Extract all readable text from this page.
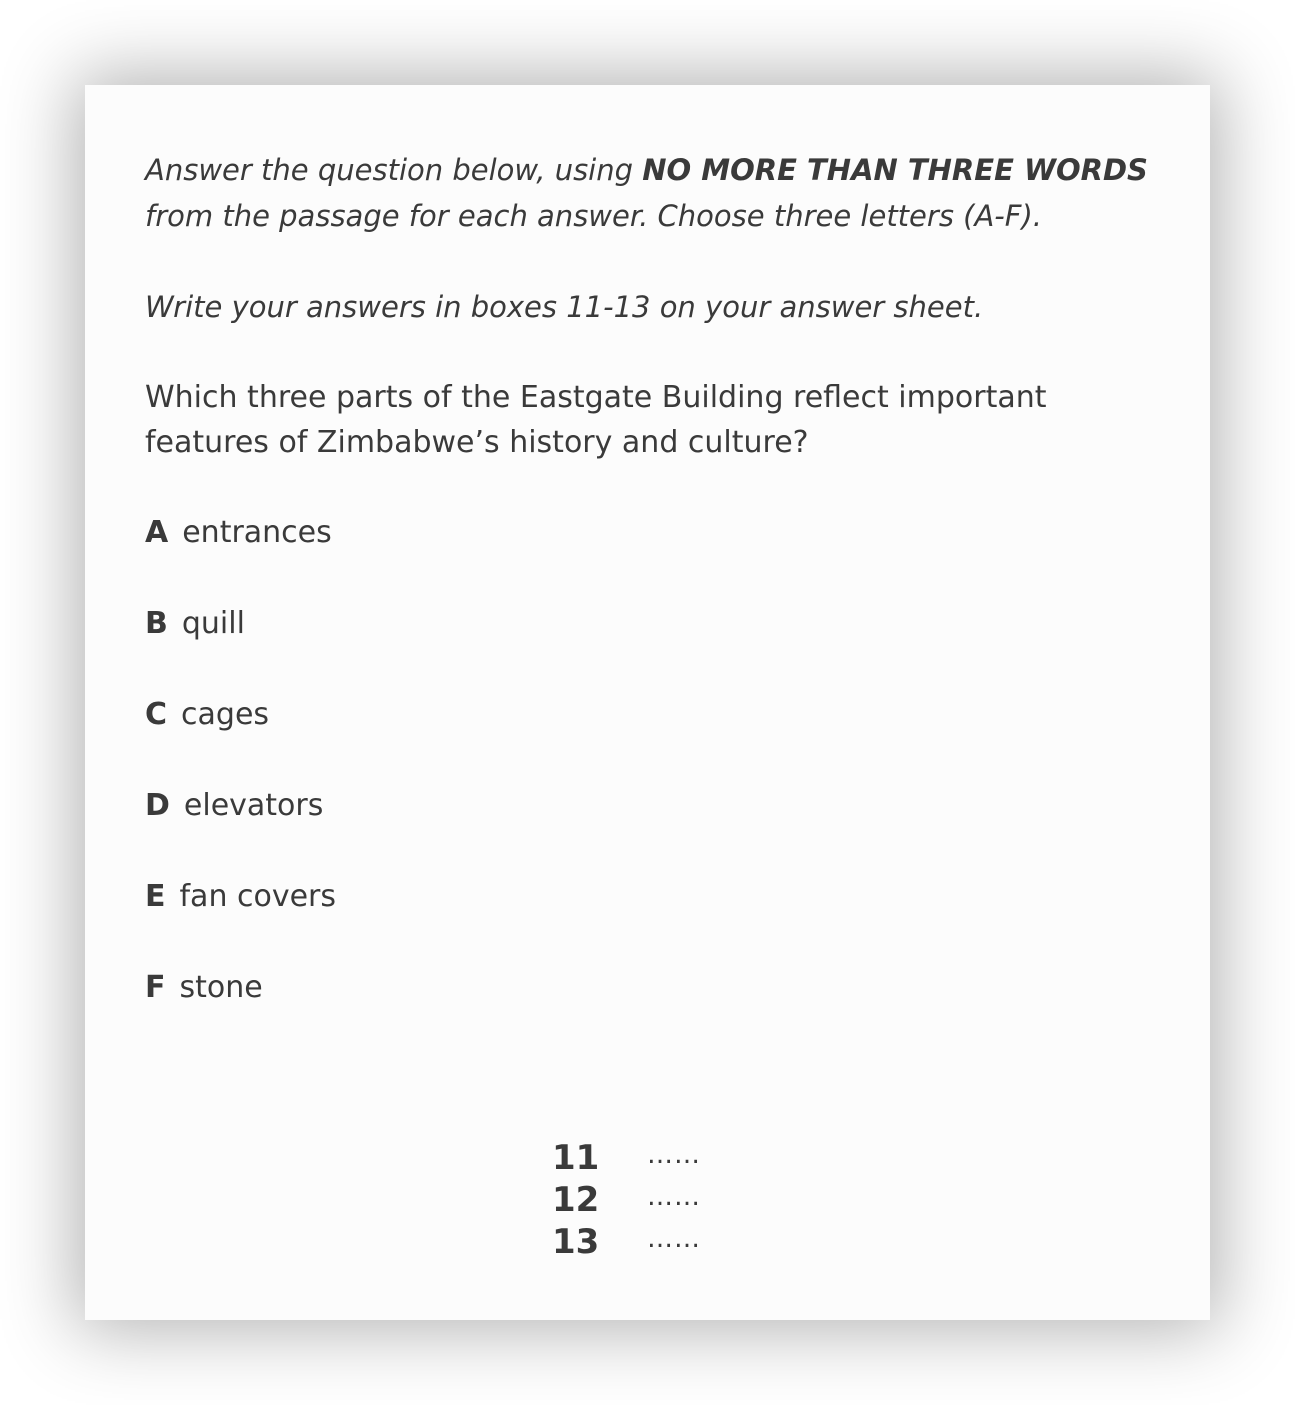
Answer the question below, using NO MORE THAN THREE WORDS
from the passage for each answer. Choose three letters (A-F).

Write your answers in boxes 11-13 on your answer sheet.

Which three parts of the Eastgate Building reflect important
features of Zimbabwe’s history and culture?

A entrances
B quill
C cages
D elevators
E fan covers
F stone
11 ……
12 ……
13 ……
